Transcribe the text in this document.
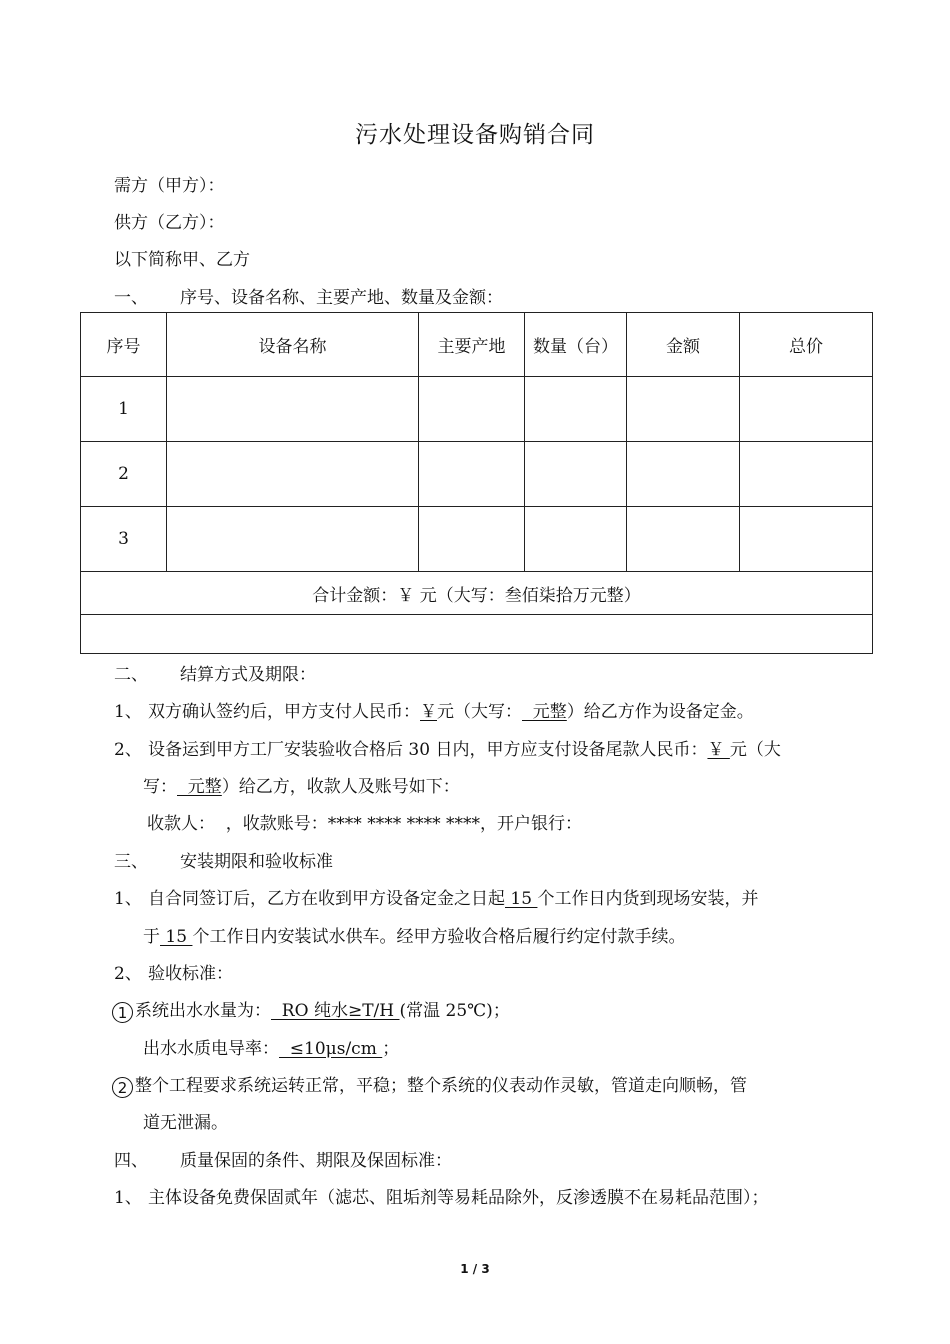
污水处理设备购销合同
需方（甲方）：
供方（乙方）：
以下简称甲、乙方
一、 序号、设备名称、主要产地、数量及金额：
序号	设备名称	主要产地	数量（台）	金额	总价
1					
2					
3					
合计金额：￥ 元（大写：叁佰柒拾万元整）					

二、 结算方式及期限：
1、 双方确认签约后，甲方支付人民币：￥元（大写：  元整）给乙方作为设备定金。
2、 设备运到甲方工厂安装验收合格后 30 日内，甲方应支付设备尾款人民币：￥ 元（大
写：  元整）给乙方，收款人及账号如下：
收款人：  ，收款账号：**** **** **** ****，开户银行：
三、 安装期限和验收标准
1、 自合同签订后，乙方在收到甲方设备定金之日起 15 个工作日内货到现场安装，并
于 15 个工作日内安装试水供车。经甲方验收合格后履行约定付款手续。
2、 验收标准：
1 系统出水水量为：  RO 纯水≥T/H (常温 25℃)；
出水水质电导率：  ≤10μs/cm ；
2 整个工程要求系统运转正常，平稳；整个系统的仪表动作灵敏，管道走向顺畅，管
道无泄漏。
四、 质量保固的条件、期限及保固标准：
1、 主体设备免费保固贰年（滤芯、阻垢剂等易耗品除外，反渗透膜不在易耗品范围）；
1 / 3
